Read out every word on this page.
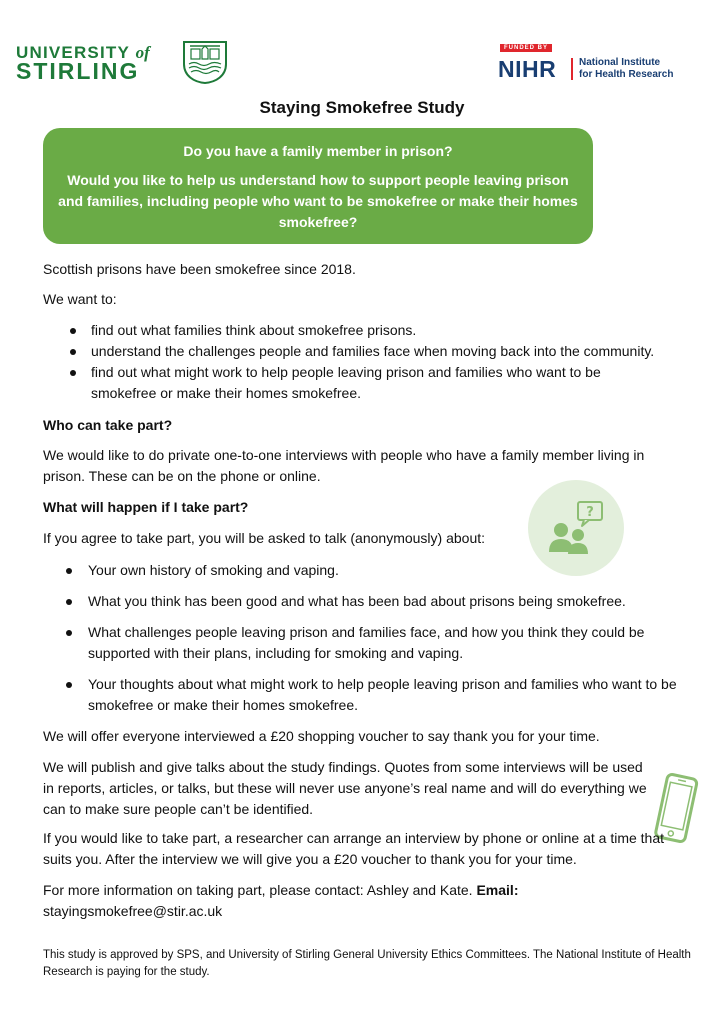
UNIVERSITY of
STIRLING
FUNDED BY
NIHR National Institute
for Health Research
Staying Smokefree Study

Do you have a family member in prison?

Would you like to help us understand how to support people leaving prison and families, including people who want to be smokefree or make their homes smokefree?

Scottish prisons have been smokefree since 2018.

We want to:

find out what families think about smokefree prisons.
understand the challenges people and families face when moving back into the community.
find out what might work to help people leaving prison and families who want to be smokefree or make their homes smokefree.

Who can take part?

We would like to do private one-to-one interviews with people who have a family member living in prison. These can be on the phone or online.

What will happen if I take part?

If you agree to take part, you will be asked to talk (anonymously) about:

?
Your own history of smoking and vaping.
What you think has been good and what has been bad about prisons being smokefree.
What challenges people leaving prison and families face, and how you think they could be supported with their plans, including for smoking and vaping.
Your thoughts about what might work to help people leaving prison and families who want to be smokefree or make their homes smokefree.

We will offer everyone interviewed a £20 shopping voucher to say thank you for your time.

We will publish and give talks about the study findings. Quotes from some interviews will be used in reports, articles, or talks, but these will never use anyone’s real name and will do everything we can to make sure people can’t be identified.

If you would like to take part, a researcher can arrange an interview by phone or online at a time that suits you. After the interview we will give you a £20 voucher to thank you for your time.

For more information on taking part, please contact: Ashley and Kate. Email:

stayingsmokefree@stir.ac.uk

This study is approved by SPS, and University of Stirling General University Ethics Committees. The National Institute of Health Research is paying for the study.
